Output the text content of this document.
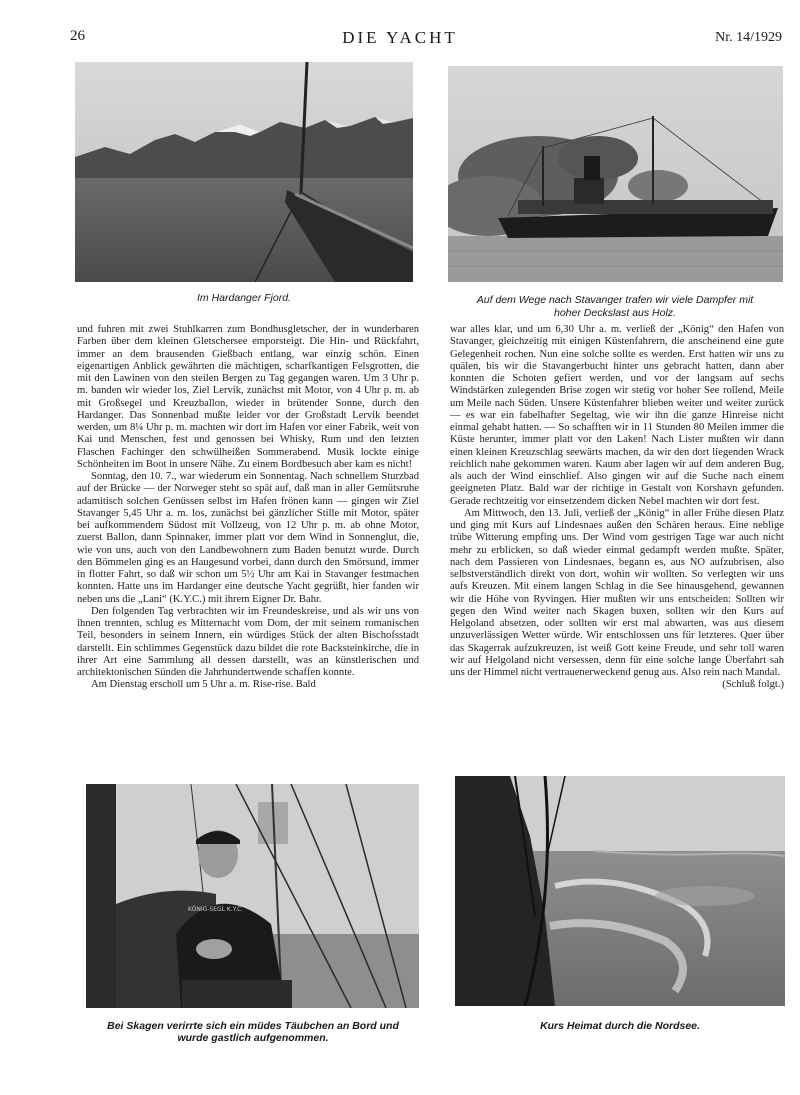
26	DIE YACHT	Nr. 14/1929
Im Hardanger Fjord.	Auf dem Wege nach Stavanger trafen wir viele Dampfer mit
hoher Deckslast aus Holz.

und fuhren mit zwei Stuhlkarren zum Bondhusgletscher, der in wunderbaren Farben über dem kleinen Gletschersee emporsteigt. Die Hin- und Rückfahrt, immer an dem brausenden Gießbach entlang, war einzig schön. Einen eigenartigen Anblick gewährten die mächtigen, scharfkantigen Felsgrotten, die mit den Lawinen von den steilen Bergen zu Tag gegangen waren. Um 3 Uhr p. m. banden wir wieder los, Ziel Lervik, zunächst mit Motor, von 4 Uhr p. m. ab mit Großsegel und Kreuzballon, wieder in brütender Sonne, durch den Hardanger. Das Sonnenbad mußte leider vor der Großstadt Lervik beendet werden, um 8¼ Uhr p. m. machten wir dort im Hafen vor einer Fabrik, weit von Kai und Menschen, fest und genossen bei Whisky, Rum und den letzten Flaschen Fachinger den schwülheißen Sommerabend. Musik lockte einige Schönheiten im Boot in unsere Nähe. Zu einem Bordbesuch aber kam es nicht!

Sonntag, den 10. 7., war wiederum ein Sonnentag. Nach schnellem Sturzbad auf der Brücke — der Norweger steht so spät auf, daß man in aller Gemütsruhe adamitisch solchen Genüssen selbst im Hafen frönen kann — gingen wir Ziel Stavanger 5,45 Uhr a. m. los, zunächst bei gänzlicher Stille mit Motor, später bei aufkommendem Südost mit Vollzeug, von 12 Uhr p. m. ab ohne Motor, zuerst Ballon, dann Spinnaker, immer platt vor dem Wind in Sonnenglut, die, wie von uns, auch von den Landbewohnern zum Baden benutzt wurde. Durch den Bömmelen ging es an Haugesund vorbei, dann durch den Smörsund, immer in flotter Fahrt, so daß wir schon um 5½ Uhr am Kai in Stavanger festmachen konnten. Hatte uns im Hardanger eine deutsche Yacht gegrüßt, hier fanden wir neben uns die „Lani“ (K.Y.C.) mit ihrem Eigner Dr. Bahr.

Den folgenden Tag verbrachten wir im Freundeskreise, und als wir uns von ihnen trennten, schlug es Mitternacht vom Dom, der mit seinem romanischen Teil, besonders in seinem Innern, ein würdiges Stück der alten Bischofsstadt darstellt. Ein schlimmes Gegenstück dazu bildet die rote Backsteinkirche, die in ihrer Art eine Sammlung all dessen darstellt, was an künstlerischen und architektonischen Sünden die Jahrhundertwende schaffen konnte.

Am Dienstag erscholl um 5 Uhr a. m. Rise-rise. Bald

war alles klar, und um 6,30 Uhr a. m. verließ der „König“ den Hafen von Stavanger, gleichzeitig mit einigen Küstenfahrern, die anscheinend eine gute Gelegenheit rochen. Nun eine solche sollte es werden. Erst hatten wir uns zu quälen, bis wir die Stavangerbucht hinter uns gebracht hatten, dann aber konnten die Schoten gefiert werden, und vor der langsam auf sechs Windstärken zulegenden Brise zogen wir stetig vor hoher See rollend, Meile um Meile nach Süden. Unsere Küstenfahrer blieben weiter und weiter zurück — es war ein fabelhafter Segeltag, wie wir ihn die ganze Hinreise nicht einmal gehabt hatten. — So schafften wir in 11 Stunden 80 Meilen immer die Küste herunter, immer platt vor den Laken! Nach Lister mußten wir dann einen kleinen Kreuzschlag seewärts machen, da wir den dort liegenden Wrack reichlich nahe gekommen waren. Kaum aber lagen wir auf dem anderen Bug, als auch der Wind einschlief. Also gingen wir auf die Suche nach einem geeigneten Platz. Bald war der richtige in Gestalt von Korshavn gefunden. Gerade rechtzeitig vor einsetzendem dicken Nebel machten wir dort fest.

Am Mittwoch, den 13. Juli, verließ der „König“ in aller Frühe diesen Platz und ging mit Kurs auf Lindesnaes außen den Schären heraus. Eine neblige trübe Witterung empfing uns. Der Wind vom gestrigen Tage war auch nicht mehr zu erblicken, so daß wieder einmal gedampft werden mußte. Später, nach dem Passieren von Lindesnaes, begann es, aus NO aufzubrisen, also selbstverständlich direkt von dort, wohin wir wollten. So verlegten wir uns aufs Kreuzen. Mit einem langen Schlag in die See hinausgehend, gewannen wir die Höhe von Ryvingen. Hier mußten wir uns entscheiden: Sollten wir gegen den Wind weiter nach Skagen buxen, sollten wir den Kurs auf Helgoland absetzen, oder sollten wir erst mal abwarten, was aus diesem unzuverlässigen Wetter würde. Wir entschlossen uns für letzteres. Quer über das Skagerrak aufzukreuzen, ist weiß Gott keine Freude, und sehr toll waren wir auf Helgoland nicht versessen, denn für eine solche lange Überfahrt sah uns der Himmel nicht vertrauenerweckend genug aus. Also rein nach Mandal.

(Schluß folgt.)
KÖNIG-SEGL K.Y.C.
Bei Skagen verirrte sich ein müdes Täubchen an Bord und
wurde gastlich aufgenommen.
Kurs Heimat durch die Nordsee.
